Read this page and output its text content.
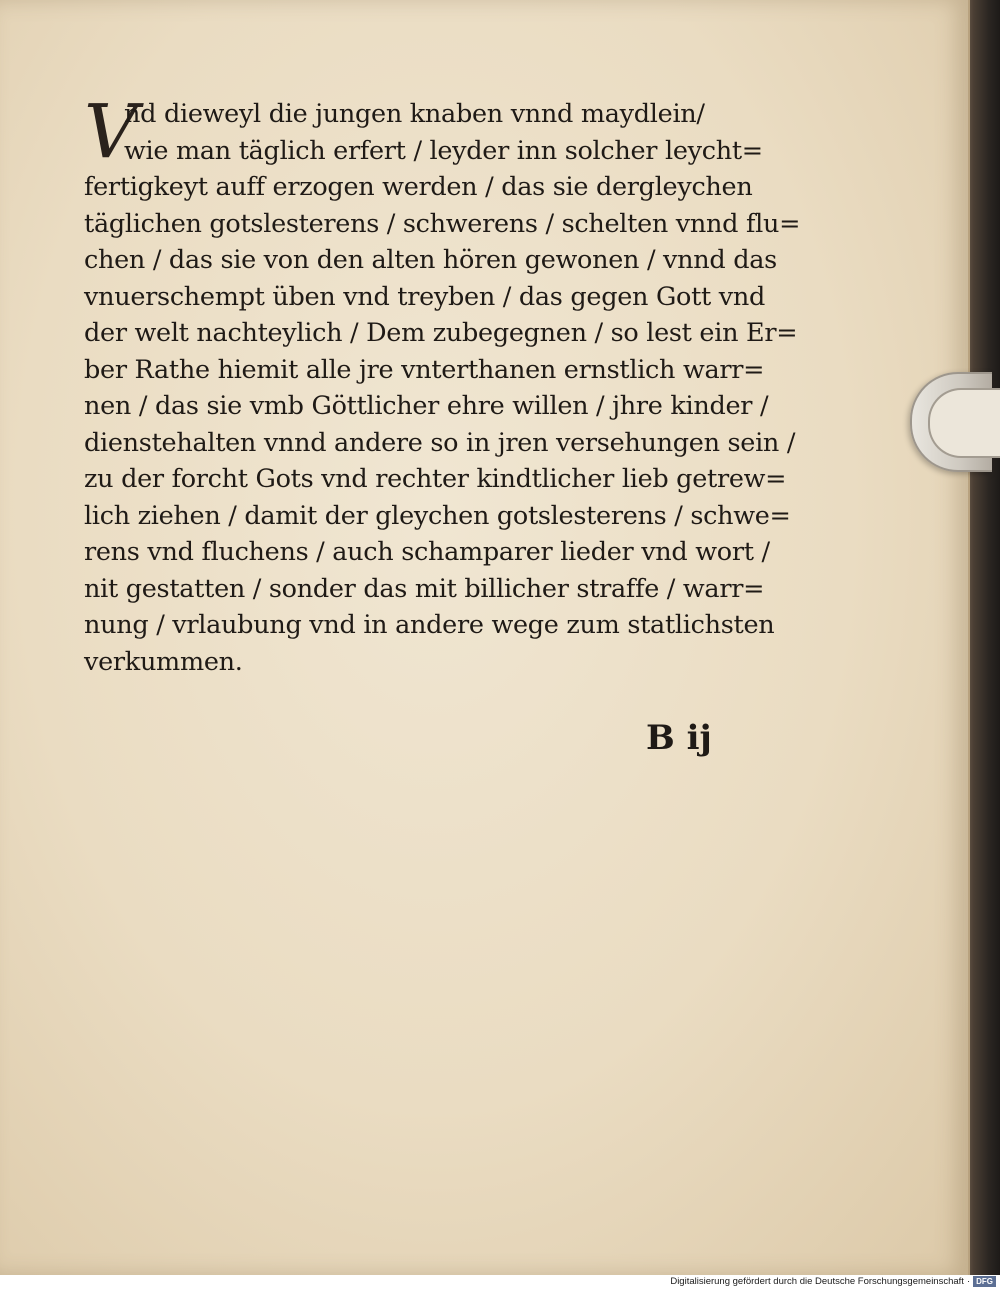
V
nd dieweyl die jungen knaben vnnd maydlein/
wie man täglich erfert / leyder inn solcher leycht=
fertigkeyt auff erzogen werden / das sie dergleychen
täglichen gotslesterens / schwerens / schelten vnnd flu=
chen / das sie von den alten hören gewonen / vnnd das
vnuerschempt üben vnd treyben / das gegen Gott vnd
der welt nachteylich / Dem zubegegnen / so lest ein Er=
ber Rathe hiemit alle jre vnterthanen ernstlich warr=
nen / das sie vmb Göttlicher ehre willen / jhre kinder /
dienstehalten vnnd andere so in jren versehungen sein /
zu der forcht Gots vnd rechter kindtlicher lieb getrew=
lich ziehen / damit der gleychen gotslesterens / schwe=
rens vnd fluchens / auch schamparer lieder vnd wort /
nit gestatten / sonder das mit billicher straffe / warr=
nung / vrlaubung vnd in andere wege zum statlichsten
verkummen.
B ij
Digitalisierung gefördert durch die Deutsche Forschungsgemeinschaft · DFG
